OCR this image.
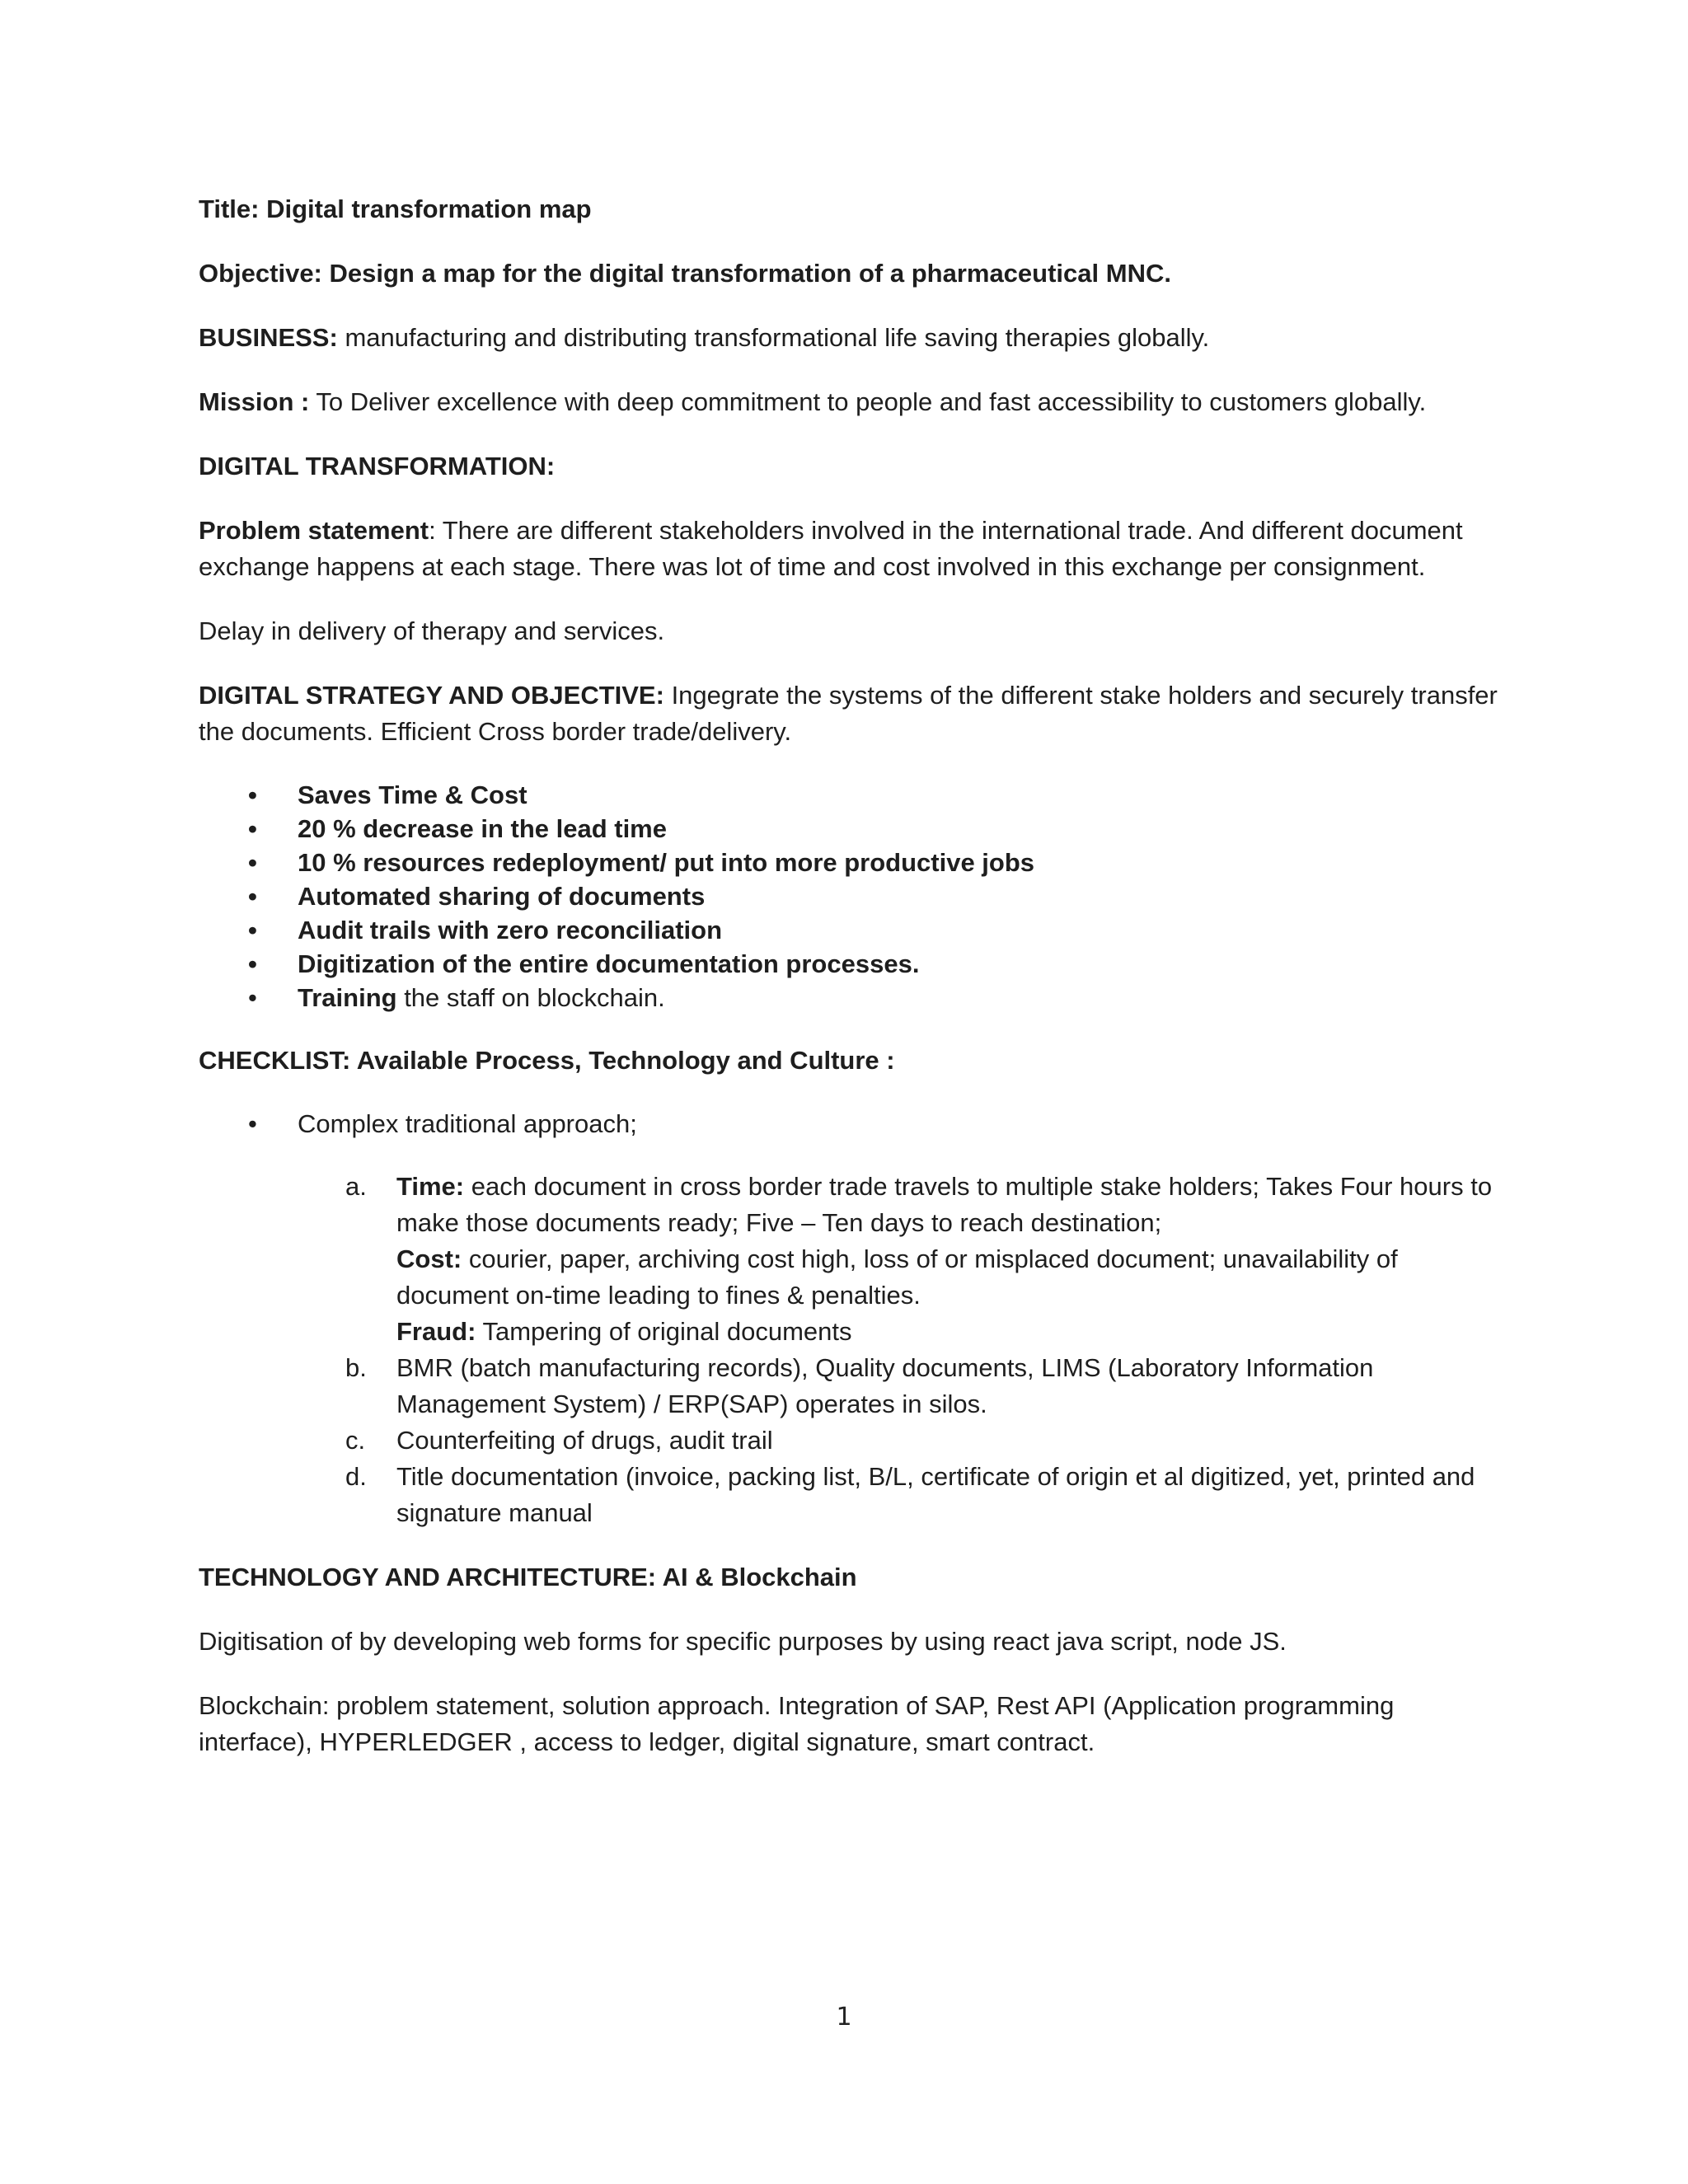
Title: Digital transformation map

Objective: Design a map for the digital transformation of a pharmaceutical MNC.

BUSINESS: manufacturing and distributing transformational life saving therapies globally.

Mission : To Deliver excellence with deep commitment to people and fast accessibility to customers globally.

DIGITAL TRANSFORMATION:

Problem statement: There are different stakeholders involved in the international trade. And different document exchange happens at each stage. There was lot of time and cost involved in this exchange per consignment.

Delay in delivery of therapy and services.

DIGITAL STRATEGY AND OBJECTIVE: Ingegrate the systems of the different stake holders and securely transfer the documents. Efficient Cross border trade/delivery.

• Saves Time & Cost
• 20 % decrease in the lead time
• 10 % resources redeployment/ put into more productive jobs
• Automated sharing of documents
• Audit trails with zero reconciliation
• Digitization of the entire documentation processes.
• Training the staff on blockchain.

CHECKLIST: Available Process, Technology and Culture :

• Complex traditional approach;
a. Time: each document in cross border trade travels to multiple stake holders; Takes Four hours to make those documents ready; Five – Ten days to reach destination;
Cost: courier, paper, archiving cost high, loss of or misplaced document; unavailability of document on-time leading to fines & penalties.
Fraud: Tampering of original documents
b. BMR (batch manufacturing records), Quality documents, LIMS (Laboratory Information Management System) / ERP(SAP) operates in silos.
c. Counterfeiting of drugs, audit trail
d. Title documentation (invoice, packing list, B/L, certificate of origin et al digitized, yet, printed and signature manual

TECHNOLOGY AND ARCHITECTURE: AI & Blockchain

Digitisation of by developing web forms for specific purposes by using react java script, node JS.

Blockchain: problem statement, solution approach. Integration of SAP, Rest API (Application programming interface), HYPERLEDGER , access to ledger, digital signature, smart contract.

1
